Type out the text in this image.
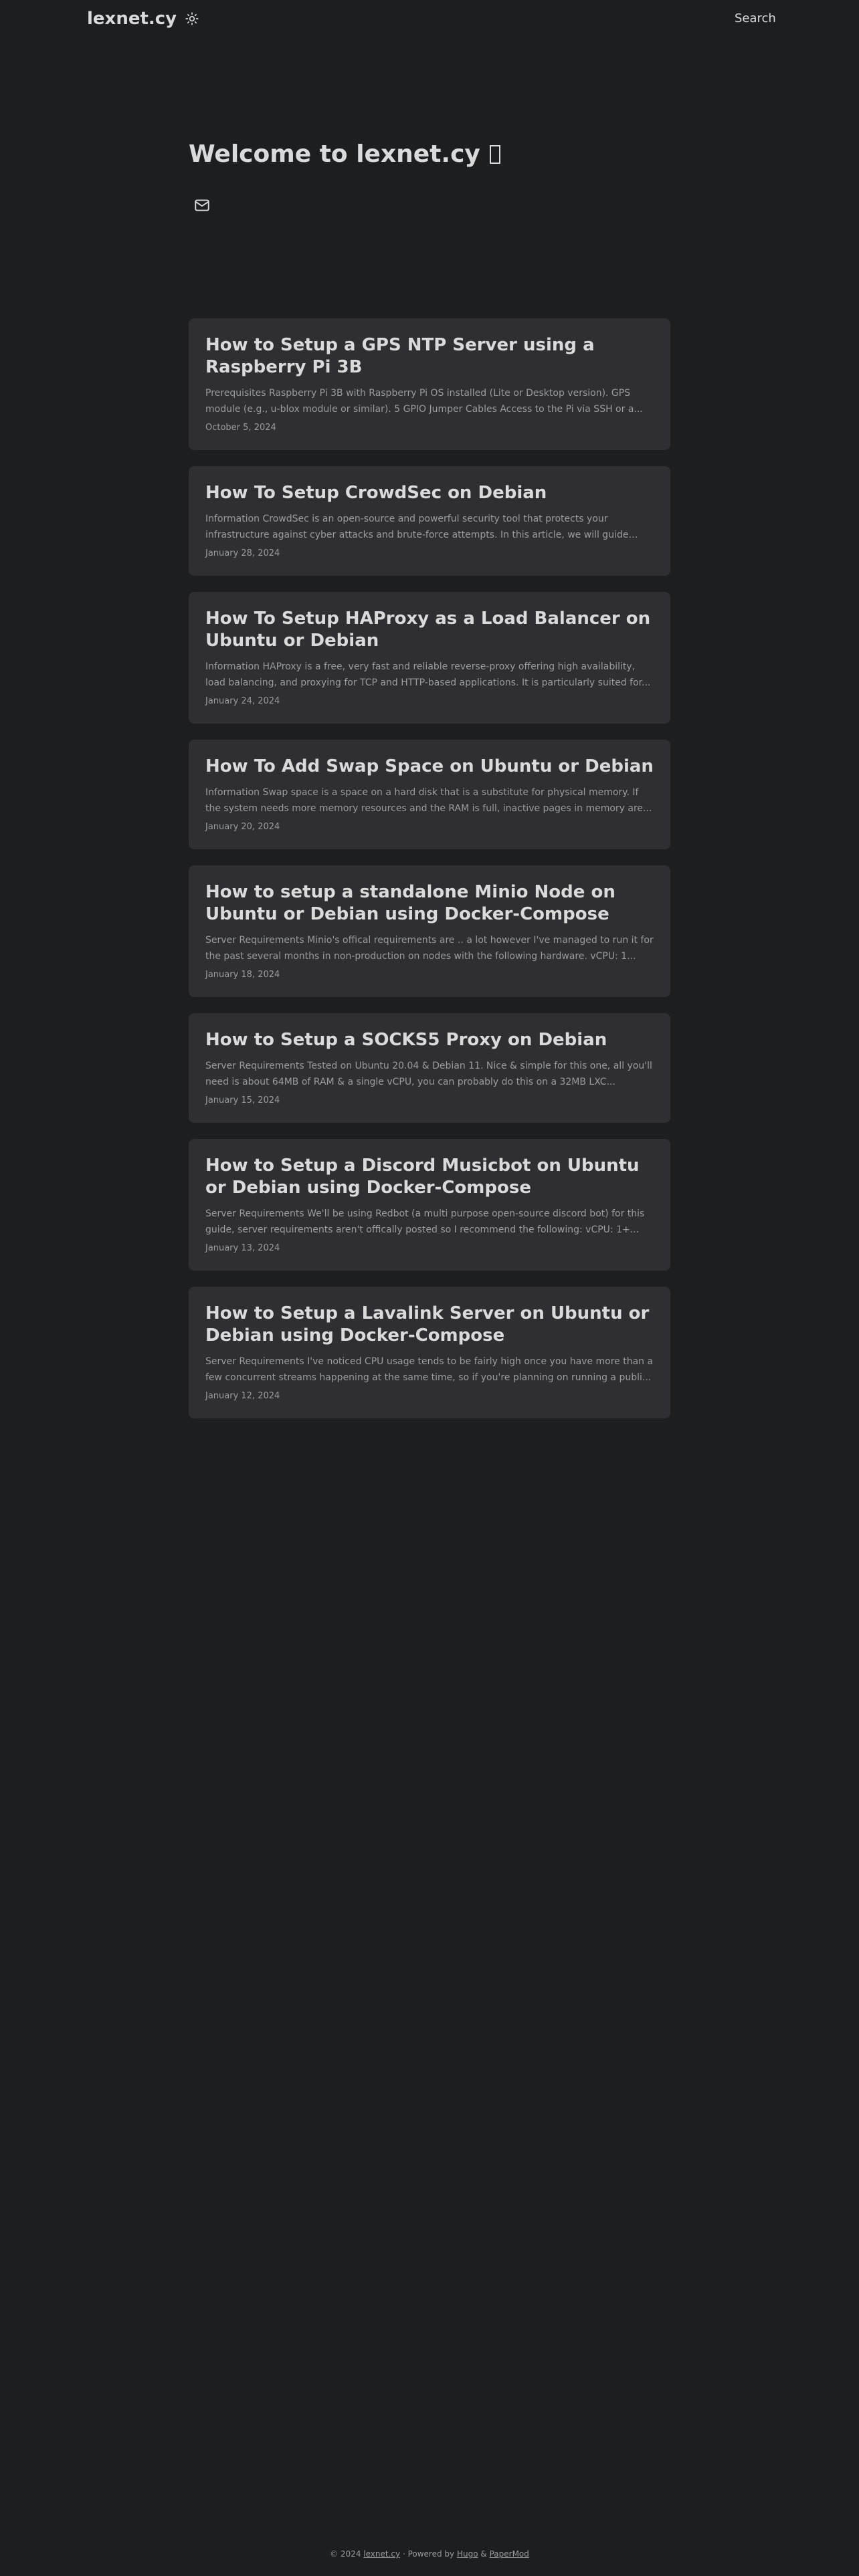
lexnet.cy	Search
Welcome to lexnet.cy
How to Setup a GPS NTP Server using a Raspberry Pi 3B
Prerequisites Raspberry Pi 3B with Raspberry Pi OS installed (Lite or Desktop version). GPS module (e.g., u-blox module or similar). 5 GPIO Jumper Cables Access to the Pi via SSH or a...
October 5, 2024
How To Setup CrowdSec on Debian
Information CrowdSec is an open-source and powerful security tool that protects your infrastructure against cyber attacks and brute-force attempts. In this article, we will guide
January 28, 2024
How To Setup HAProxy as a Load Balancer on Ubuntu or Debian
Information HAProxy is a free, very fast and reliable reverse-proxy offering high availability, load balancing, and proxying for TCP and HTTP-based applications. It is particularly suited for...
January 24, 2024
How To Add Swap Space on Ubuntu or Debian
Information Swap space is a space on a hard disk that is a substitute for physical memory. If the system needs more memory resources and the RAM is full, inactive pages in memory are...
January 20, 2024
How to setup a standalone Minio Node on Ubuntu or Debian using Docker-Compose
Server Requirements Minio's offical requirements are .. a lot however I've managed to run it for the past several months in non-production on nodes with the following hardware. vCPU: 1...
January 18, 2024
How to Setup a SOCKS5 Proxy on Debian
Server Requirements Tested on Ubuntu 20.04 & Debian 11. Nice & simple for this one, all you'll need is about 64MB of RAM & a single vCPU, you can probably do this on a 32MB LXC...
January 15, 2024
How to Setup a Discord Musicbot on Ubuntu or Debian using Docker-Compose
Server Requirements We'll be using Redbot (a multi purpose open-source discord bot) for this guide, server requirements aren't offically posted so I recommend the following: vCPU: 1+...
January 13, 2024
How to Setup a Lavalink Server on Ubuntu or Debian using Docker-Compose
Server Requirements I've noticed CPU usage tends to be fairly high once you have more than a few concurrent streams happening at the same time, so if you're planning on running a publi...
January 12, 2024
© 2024 lexnet.cy · Powered by Hugo & PaperMod
